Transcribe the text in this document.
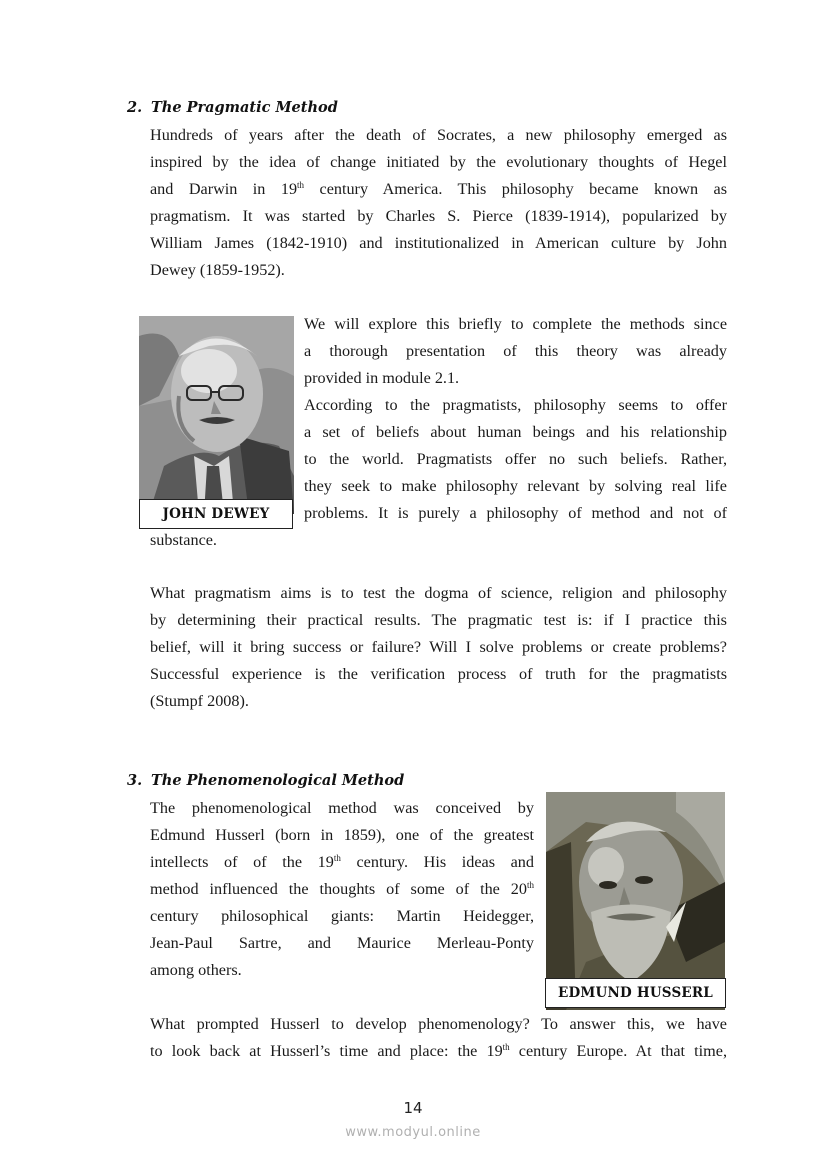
2. The Pragmatic Method
Hundreds of years after the death of Socrates, a new philosophy emerged as
inspired by the idea of change initiated by the evolutionary thoughts of Hegel
and Darwin in 19th century America. This philosophy became known as
pragmatism. It was started by Charles S. Pierce (1839-1914), popularized by
William James (1842-1910) and institutionalized in American culture by John
Dewey (1859-1952).
JOHN DEWEY
We will explore this briefly to complete the methods since
a thorough presentation of this theory was already
provided in module 2.1.
According to the pragmatists, philosophy seems to offer
a set of beliefs about human beings and his relationship
to the world. Pragmatists offer no such beliefs. Rather,
they seek to make philosophy relevant by solving real life
problems. It is purely a philosophy of method and not of
substance.
What pragmatism aims is to test the dogma of science, religion and philosophy
by determining their practical results. The pragmatic test is: if I practice this
belief, will it bring success or failure? Will I solve problems or create problems?
Successful experience is the verification process of truth for the pragmatists
(Stumpf 2008).
3. The Phenomenological Method
The phenomenological method was conceived by
Edmund Husserl (born in 1859), one of the greatest
intellects of of the 19th century. His ideas and
method influenced the thoughts of some of the 20th
century philosophical giants: Martin Heidegger,
Jean-Paul Sartre, and Maurice Merleau-Ponty
among others.
EDMUND HUSSERL
What prompted Husserl to develop phenomenology? To answer this, we have
to look back at Husserl’s time and place: the 19th century Europe. At that time,
14
www.modyul.online
